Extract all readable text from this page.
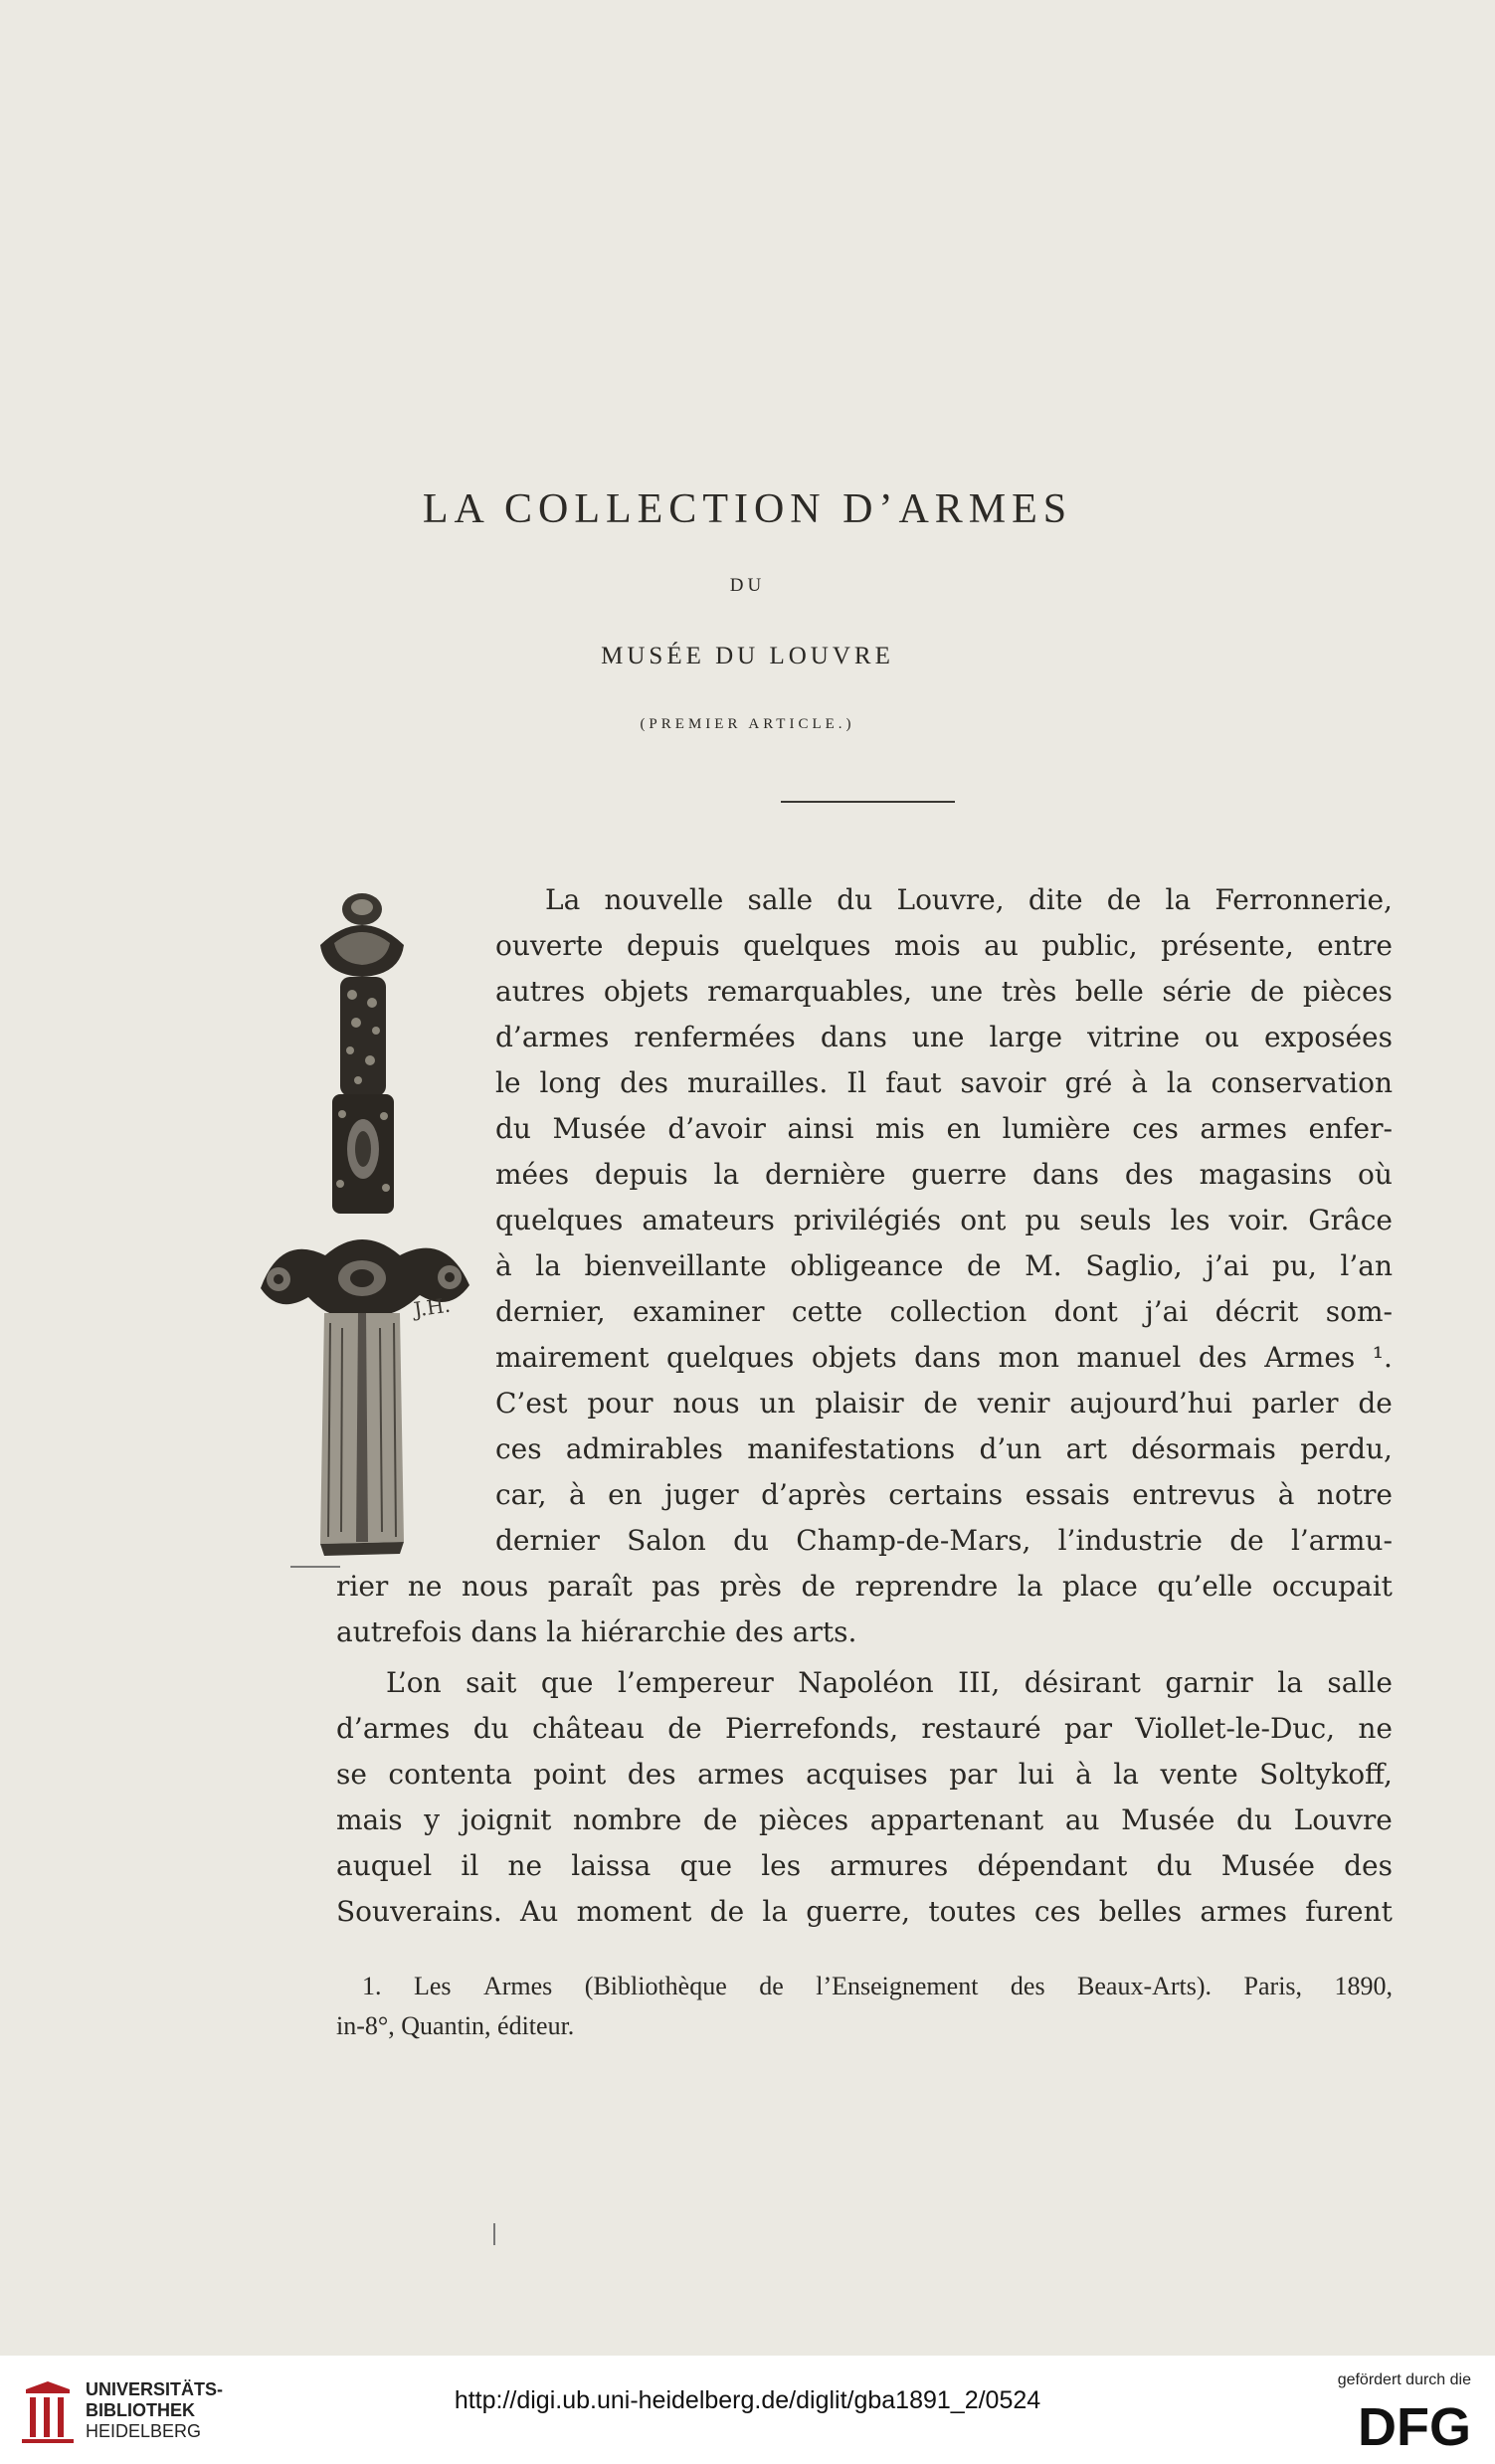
LA COLLECTION D’ARMES
DU
MUSÉE DU LOUVRE
(PREMIER ARTICLE.)
J.H.
La nouvelle salle du Louvre, dite de la Ferronnerie,
ouverte depuis quelques mois au public, présente, entre
autres objets remarquables, une très belle série de pièces
d’armes renfermées dans une large vitrine ou exposées
le long des murailles. Il faut savoir gré à la conservation
du Musée d’avoir ainsi mis en lumière ces armes enfer-
mées depuis la dernière guerre dans des magasins où
quelques amateurs privilégiés ont pu seuls les voir. Grâce
à la bienveillante obligeance de M. Saglio, j’ai pu, l’an
dernier, examiner cette collection dont j’ai décrit som-
mairement quelques objets dans mon manuel des Armes ¹.
C’est pour nous un plaisir de venir aujourd’hui parler de
ces admirables manifestations d’un art désormais perdu,
car, à en juger d’après certains essais entrevus à notre
dernier Salon du Champ-de-Mars, l’industrie de l’armu-
rier ne nous paraît pas près de reprendre la place qu’elle occupait
autrefois dans la hiérarchie des arts.
L’on sait que l’empereur Napoléon III, désirant garnir la salle
d’armes du château de Pierrefonds, restauré par Viollet-le-Duc, ne
se contenta point des armes acquises par lui à la vente Soltykoff,
mais y joignit nombre de pièces appartenant au Musée du Louvre
auquel il ne laissa que les armures dépendant du Musée des
Souverains. Au moment de la guerre, toutes ces belles armes furent
1. Les Armes (Bibliothèque de l’Enseignement des Beaux-Arts). Paris, 1890,
in-8°, Quantin, éditeur.
UNIVERSITÄTS-
BIBLIOTHEK
HEIDELBERG
http://digi.ub.uni-heidelberg.de/diglit/gba1891_2/0524
gefördert durch die
DFG
